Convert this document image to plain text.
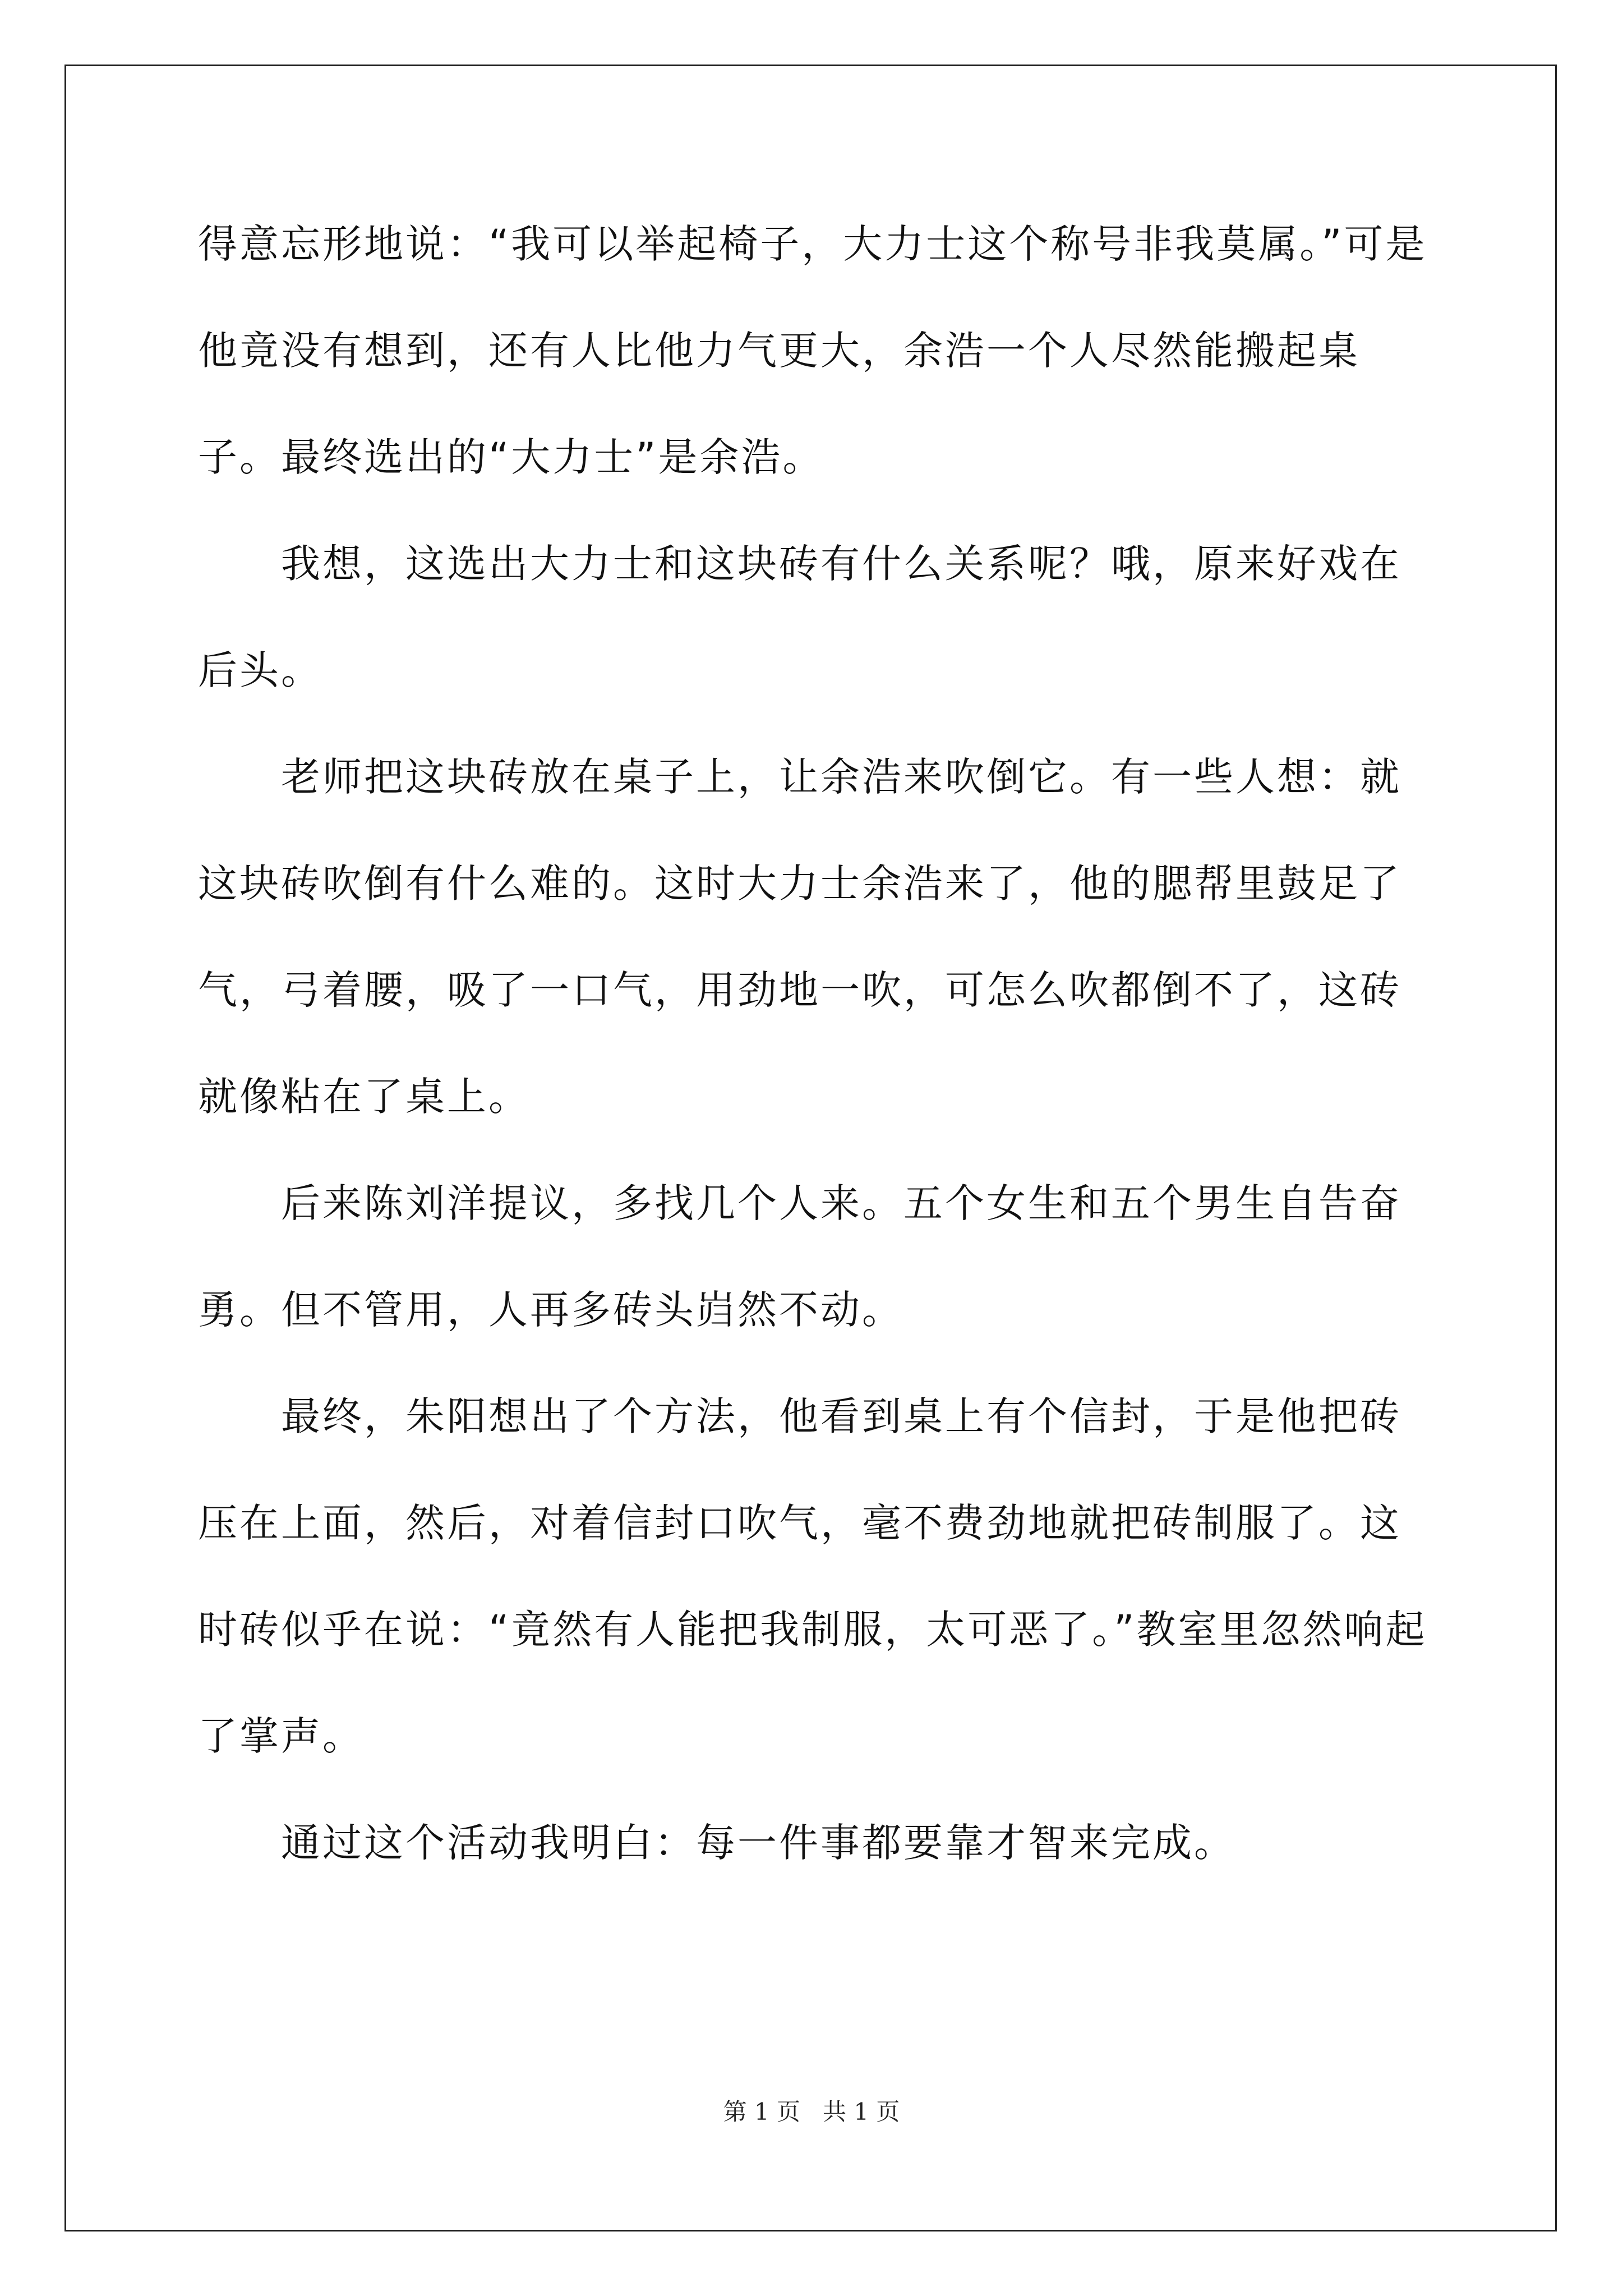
得意忘形地说：“我可以举起椅子，大力士这个称号非我莫属。”可是他竟没有想到，还有人比他力气更大，余浩一个人尽然能搬起桌子。最终选出的“大力士”是余浩。

我想，这选出大力士和这块砖有什么关系呢？哦，原来好戏在后头。

老师把这块砖放在桌子上，让余浩来吹倒它。有一些人想：就这块砖吹倒有什么难的。这时大力士余浩来了，他的腮帮里鼓足了气，弓着腰，吸了一口气，用劲地一吹，可怎么吹都倒不了，这砖就像粘在了桌上。

后来陈刘洋提议，多找几个人来。五个女生和五个男生自告奋勇。但不管用，人再多砖头岿然不动。

最终，朱阳想出了个方法，他看到桌上有个信封，于是他把砖压在上面，然后，对着信封口吹气，毫不费劲地就把砖制服了。这时砖似乎在说：“竟然有人能把我制服，太可恶了。”教室里忽然响起了掌声。

通过这个活动我明白：每一件事都要靠才智来完成。

第 1 页 共 1 页
